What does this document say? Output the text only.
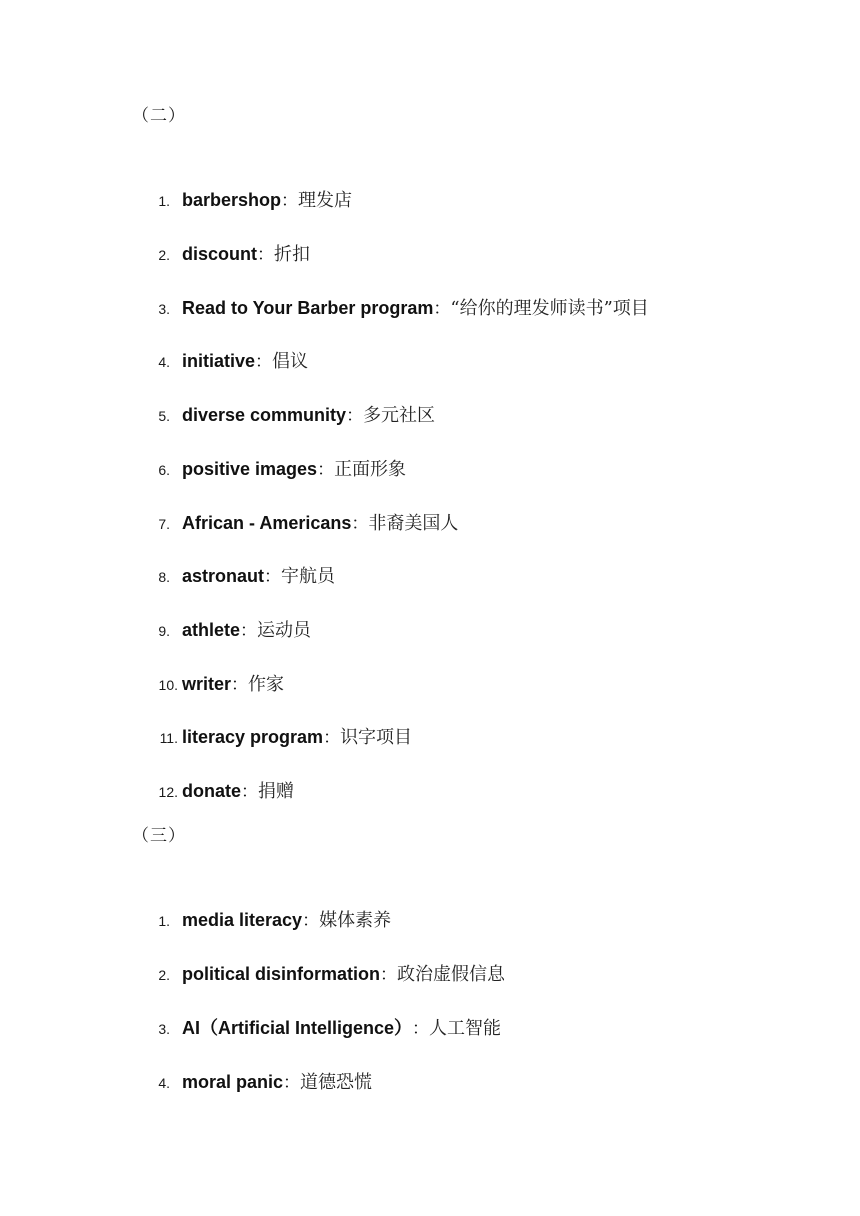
（二）
1. barbershop ： 理发店
2. discount ： 折扣
3. Read to Your Barber program ： “给你的理发师读书”项目
4. initiative ： 倡议
5. diverse community ： 多元社区
6. positive images ： 正面形象
7. African - Americans ： 非裔美国人
8. astronaut ： 宇航员
9. athlete ： 运动员
10. writer ： 作家
11. literacy program ： 识字项目
12. donate ： 捐赠
（三）
1. media literacy ： 媒体素养
2. political disinformation ： 政治虚假信息
3. AI（Artificial Intelligence） ： 人工智能
4. moral panic ： 道德恐慌
